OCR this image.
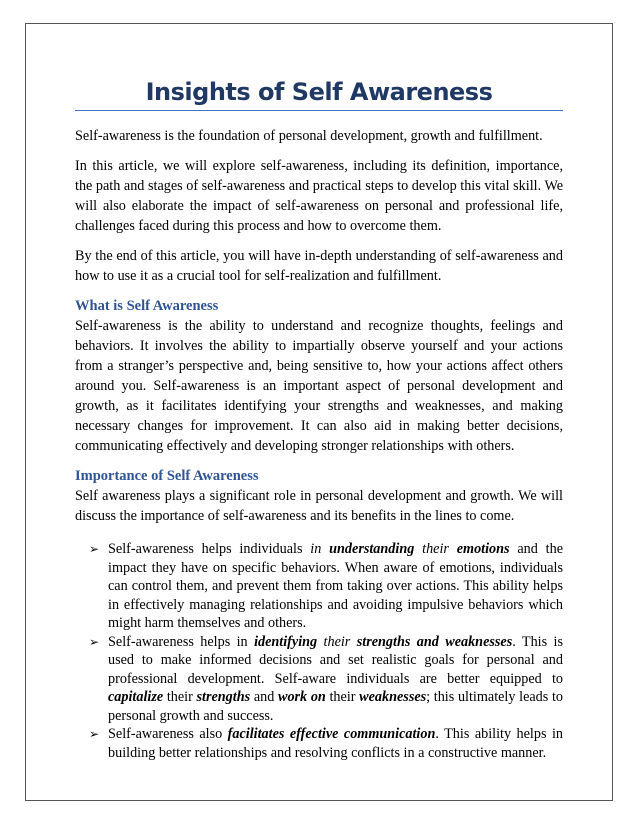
Insights of Self Awareness

Self-awareness is the foundation of personal development, growth and fulfillment.

In this article, we will explore self-awareness, including its definition, importance, the path and stages of self-awareness and practical steps to develop this vital skill. We will also elaborate the impact of self-awareness on personal and professional life, challenges faced during this process and how to overcome them.

By the end of this article, you will have in-depth understanding of self-awareness and how to use it as a crucial tool for self-realization and fulfillment.

What is Self Awareness

Self-awareness is the ability to understand and recognize thoughts, feelings and behaviors. It involves the ability to impartially observe yourself and your actions from a stranger’s perspective and, being sensitive to, how your actions affect others around you. Self-awareness is an important aspect of personal development and growth, as it facilitates identifying your strengths and weaknesses, and making necessary changes for improvement. It can also aid in making better decisions, communicating effectively and developing stronger relationships with others.

Importance of Self Awareness

Self awareness plays a significant role in personal development and growth. We will discuss the importance of self-awareness and its benefits in the lines to come.

➢ Self-awareness helps individuals in understanding their emotions and the impact they have on specific behaviors. When aware of emotions, individuals can control them, and prevent them from taking over actions. This ability helps in effectively managing relationships and avoiding impulsive behaviors which might harm themselves and others.
➢ Self-awareness helps in identifying their strengths and weaknesses. This is used to make informed decisions and set realistic goals for personal and professional development. Self-aware individuals are better equipped to capitalize their strengths and work on their weaknesses; this ultimately leads to personal growth and success.
➢ Self-awareness also facilitates effective communication. This ability helps in building better relationships and resolving conflicts in a constructive manner.
